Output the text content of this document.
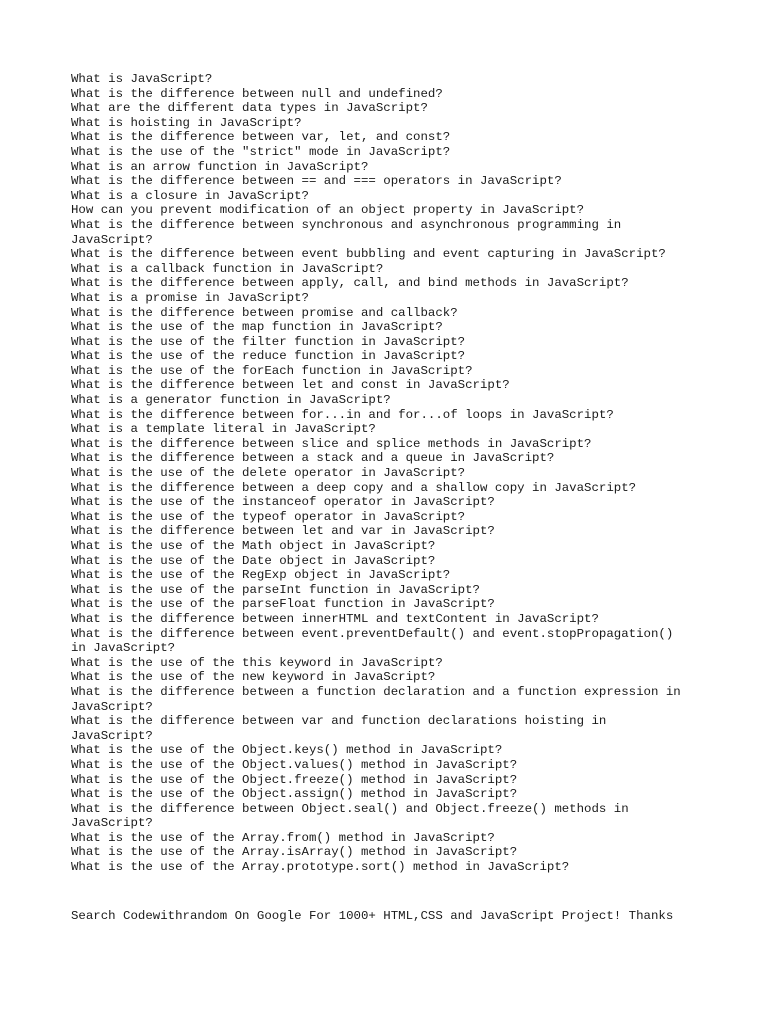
What is JavaScript?

What is the difference between null and undefined?

What are the different data types in JavaScript?

What is hoisting in JavaScript?

What is the difference between var, let, and const?

What is the use of the "strict" mode in JavaScript?

What is an arrow function in JavaScript?

What is the difference between == and === operators in JavaScript?

What is a closure in JavaScript?

How can you prevent modification of an object property in JavaScript?

What is the difference between synchronous and asynchronous programming in

JavaScript?

What is the difference between event bubbling and event capturing in JavaScript?

What is a callback function in JavaScript?

What is the difference between apply, call, and bind methods in JavaScript?

What is a promise in JavaScript?

What is the difference between promise and callback?

What is the use of the map function in JavaScript?

What is the use of the filter function in JavaScript?

What is the use of the reduce function in JavaScript?

What is the use of the forEach function in JavaScript?

What is the difference between let and const in JavaScript?

What is a generator function in JavaScript?

What is the difference between for...in and for...of loops in JavaScript?

What is a template literal in JavaScript?

What is the difference between slice and splice methods in JavaScript?

What is the difference between a stack and a queue in JavaScript?

What is the use of the delete operator in JavaScript?

What is the difference between a deep copy and a shallow copy in JavaScript?

What is the use of the instanceof operator in JavaScript?

What is the use of the typeof operator in JavaScript?

What is the difference between let and var in JavaScript?

What is the use of the Math object in JavaScript?

What is the use of the Date object in JavaScript?

What is the use of the RegExp object in JavaScript?

What is the use of the parseInt function in JavaScript?

What is the use of the parseFloat function in JavaScript?

What is the difference between innerHTML and textContent in JavaScript?

What is the difference between event.preventDefault() and event.stopPropagation()

in JavaScript?

What is the use of the this keyword in JavaScript?

What is the use of the new keyword in JavaScript?

What is the difference between a function declaration and a function expression in

JavaScript?

What is the difference between var and function declarations hoisting in

JavaScript?

What is the use of the Object.keys() method in JavaScript?

What is the use of the Object.values() method in JavaScript?

What is the use of the Object.freeze() method in JavaScript?

What is the use of the Object.assign() method in JavaScript?

What is the difference between Object.seal() and Object.freeze() methods in

JavaScript?

What is the use of the Array.from() method in JavaScript?

What is the use of the Array.isArray() method in JavaScript?

What is the use of the Array.prototype.sort() method in JavaScript?

Search Codewithrandom On Google For 1000+ HTML,CSS and JavaScript Project! Thanks
